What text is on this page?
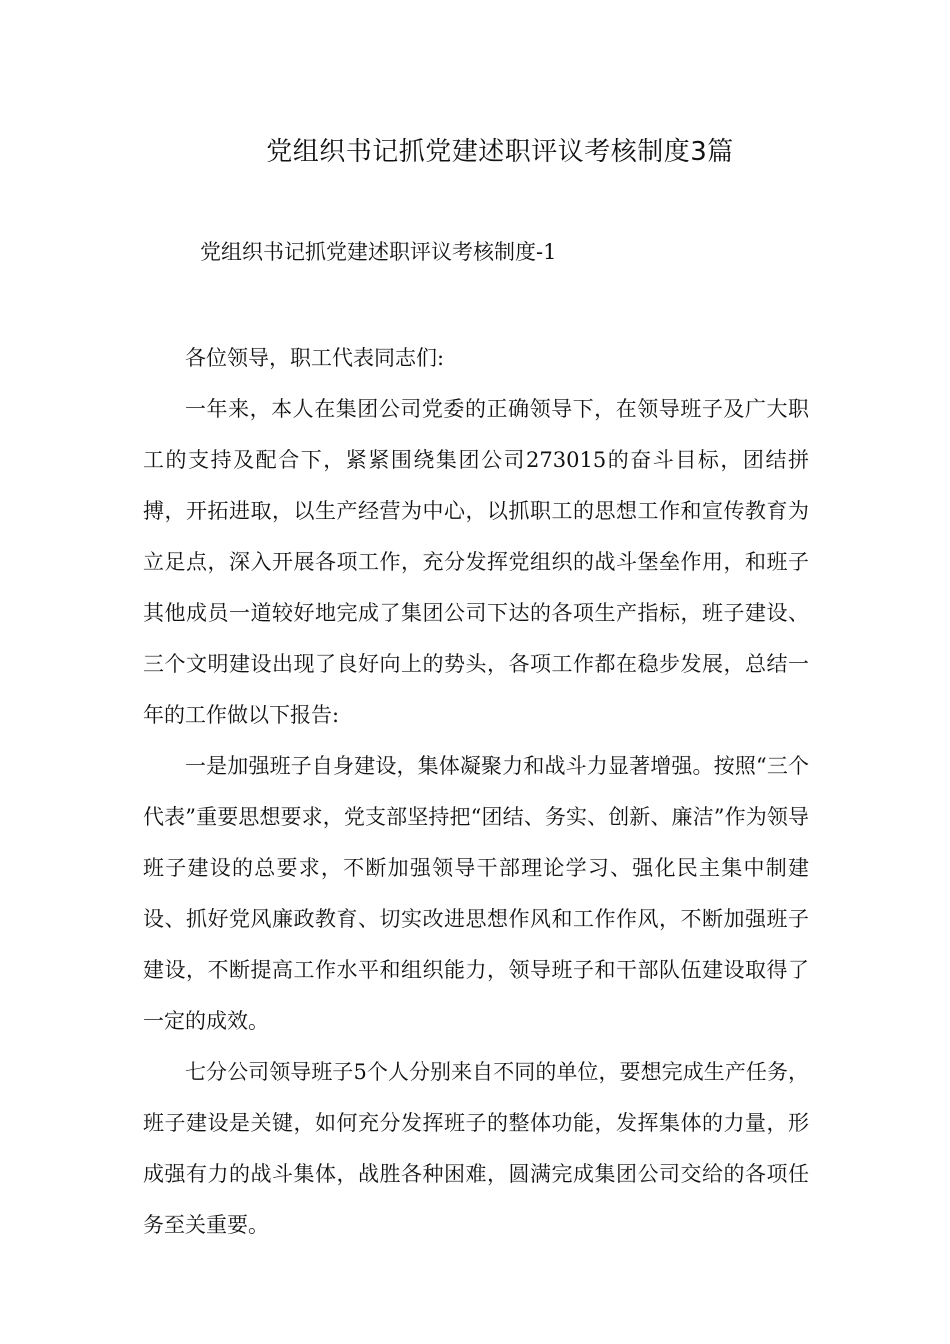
党组织书记抓党建述职评议考核制度3篇
党组织书记抓党建述职评议考核制度-1

各位领导，职工代表同志们:

一年来，本人在集团公司党委的正确领导下，在领导班子及广大职工的支持及配合下，紧紧围绕集团公司273015的奋斗目标，团结拼搏，开拓进取，以生产经营为中心，以抓职工的思想工作和宣传教育为立足点，深入开展各项工作，充分发挥党组织的战斗堡垒作用，和班子其他成员一道较好地完成了集团公司下达的各项生产指标，班子建设、三个文明建设出现了良好向上的势头，各项工作都在稳步发展，总结一年的工作做以下报告:

一是加强班子自身建设，集体凝聚力和战斗力显著增强。按照“三个代表”重要思想要求，党支部坚持把“团结、务实、创新、廉洁”作为领导班子建设的总要求，不断加强领导干部理论学习、强化民主集中制建设、抓好党风廉政教育、切实改进思想作风和工作作风，不断加强班子建设，不断提高工作水平和组织能力，领导班子和干部队伍建设取得了一定的成效。

七分公司领导班子5个人分别来自不同的单位，要想完成生产任务，班子建设是关键，如何充分发挥班子的整体功能，发挥集体的力量，形成强有力的战斗集体，战胜各种困难，圆满完成集团公司交给的各项任务至关重要。
